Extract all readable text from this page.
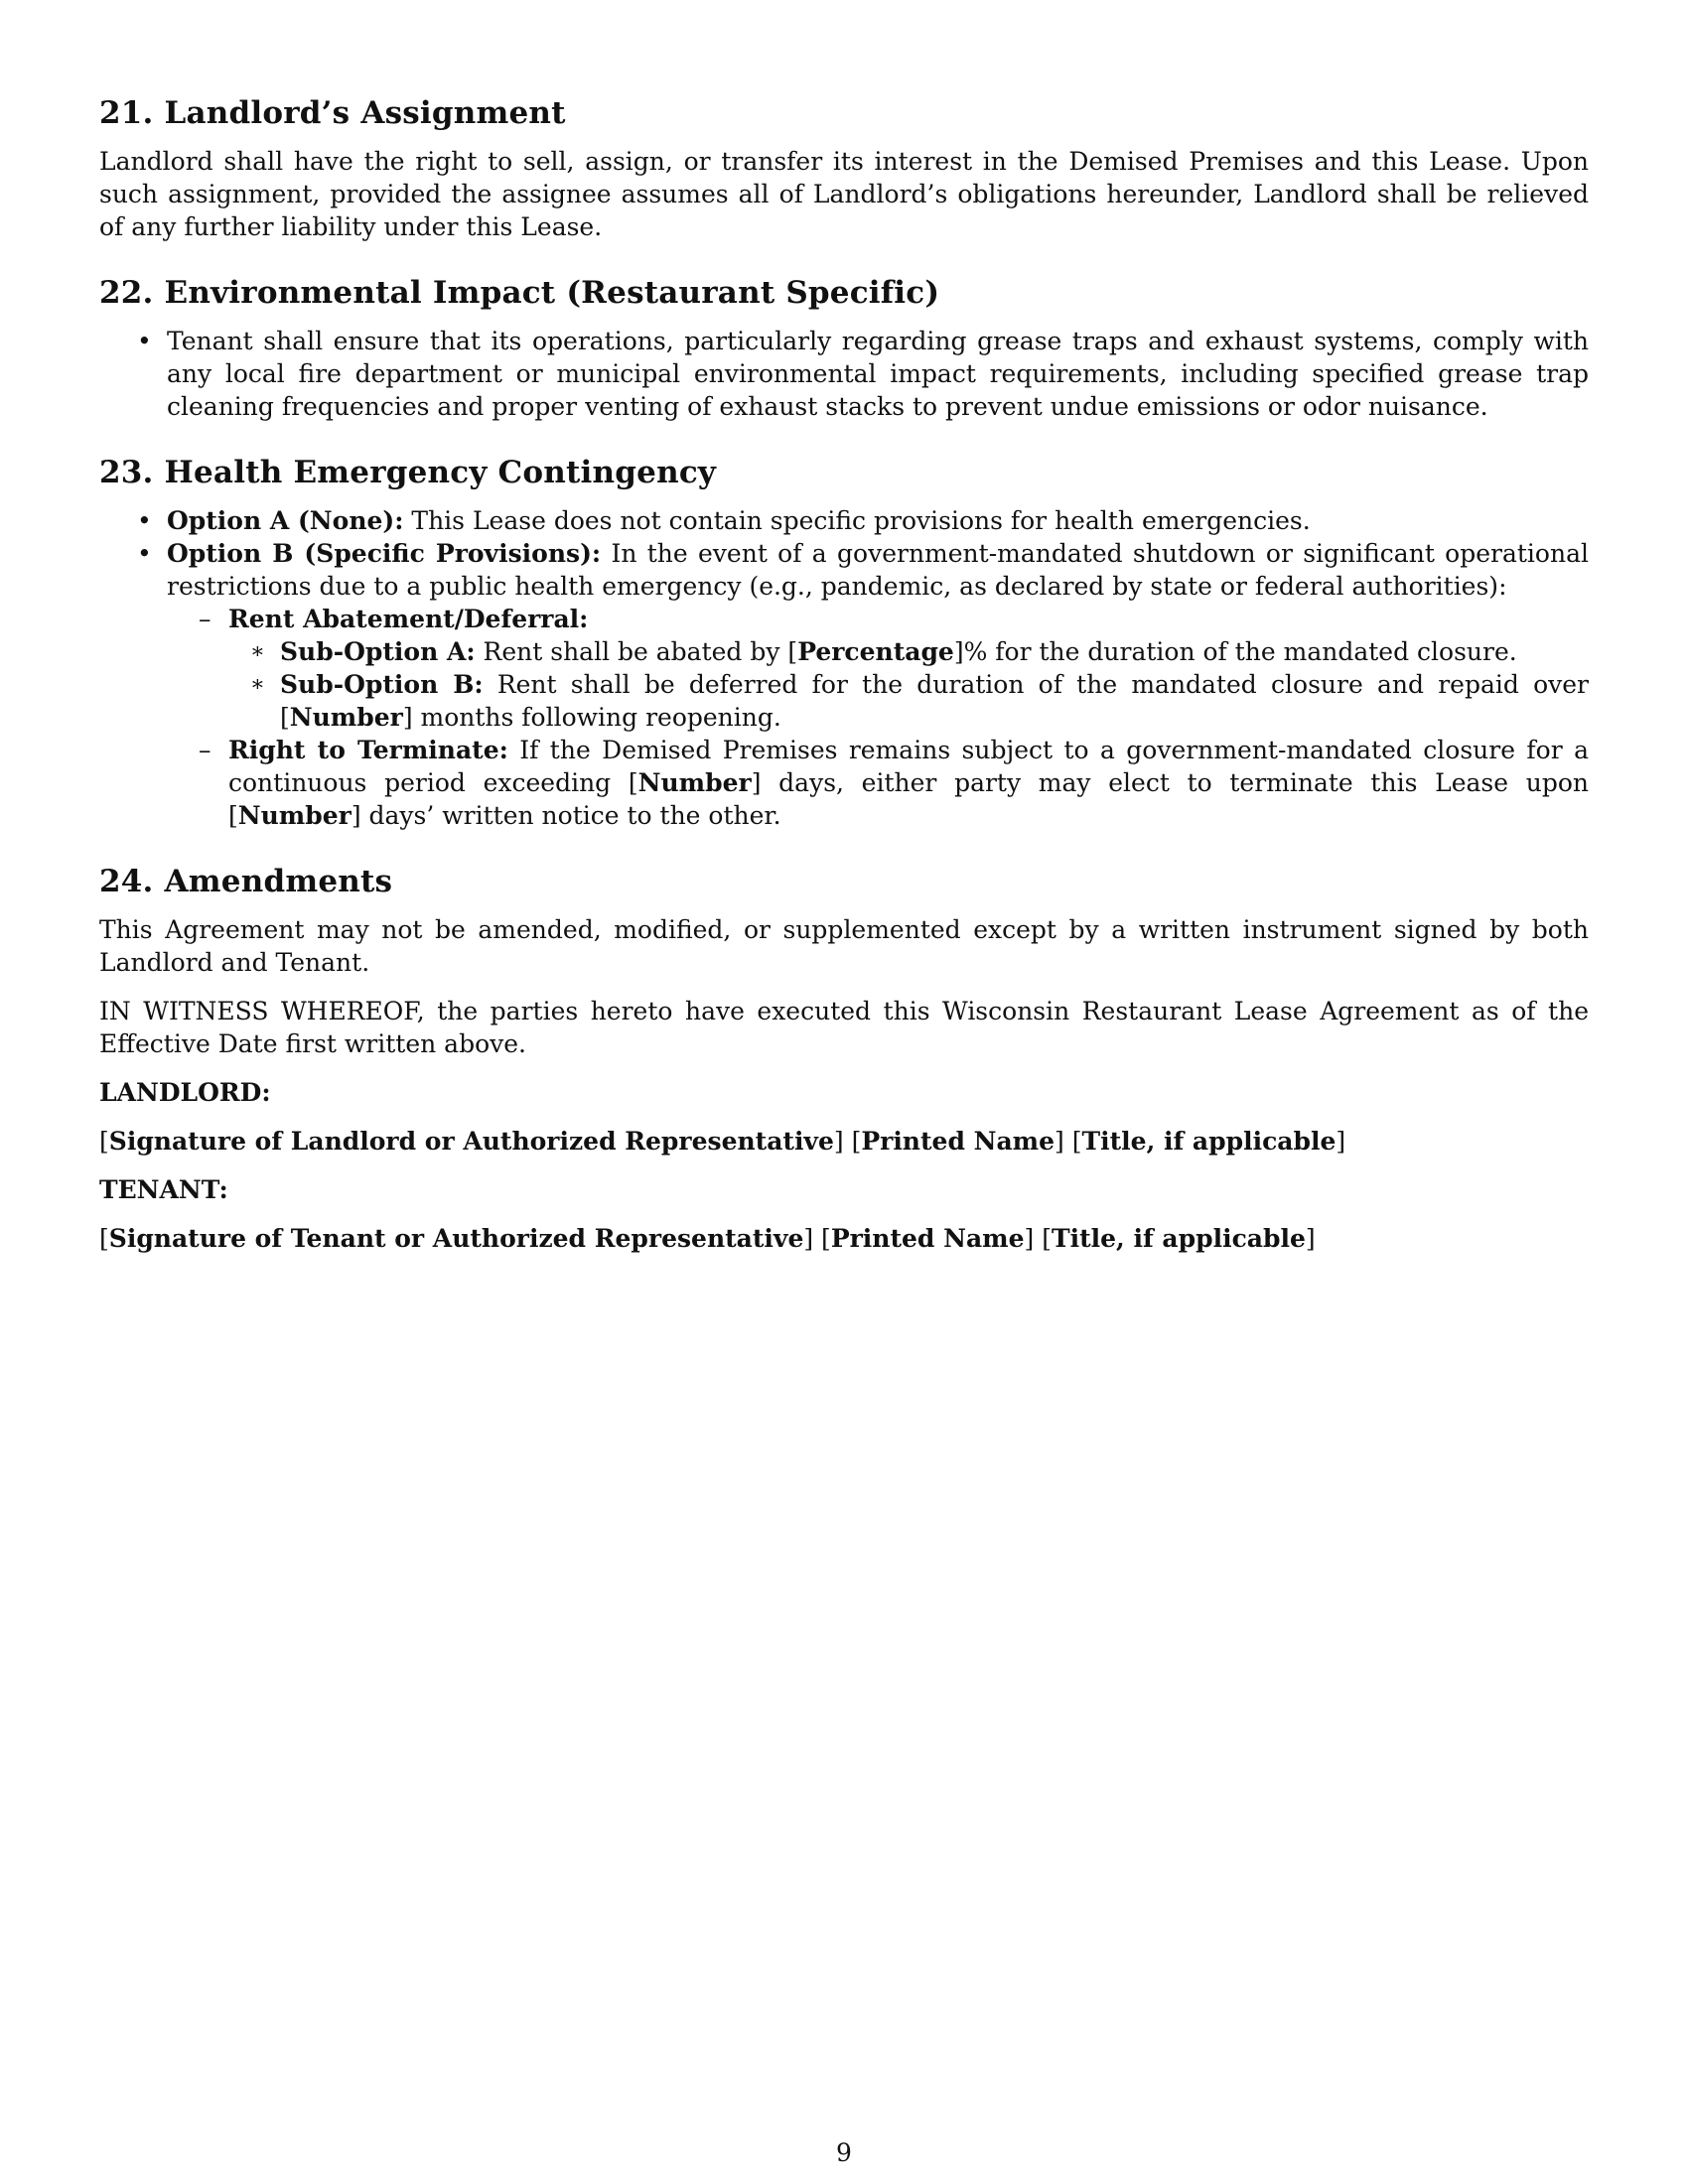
21. Landlord’s Assignment

Landlord shall have the right to sell, assign, or transfer its interest in the Demised Premises and this Lease. Upon such assignment, provided the assignee assumes all of Landlord’s obligations hereunder, Landlord shall be relieved of any further liability under this Lease.

22. Environmental Impact (Restaurant Specific)
• Tenant shall ensure that its operations, particularly regarding grease traps and exhaust systems, comply with any local fire department or municipal environmental impact requirements, including specified grease trap cleaning frequencies and proper venting of exhaust stacks to prevent undue emissions or odor nuisance.
23. Health Emergency Contingency
• Option A (None): This Lease does not contain specific provisions for health emergencies.
• Option B (Specific Provisions): In the event of a government-mandated shutdown or significant operational restrictions due to a public health emergency (e.g., pandemic, as declared by state or federal authorities):
– Rent Abatement/Deferral:
∗ Sub-Option A: Rent shall be abated by [Percentage]% for the duration of the mandated closure.
∗ Sub-Option B: Rent shall be deferred for the duration of the mandated closure and repaid over [Number] months following reopening.
– Right to Terminate: If the Demised Premises remains subject to a government-mandated closure for a continuous period exceeding [Number] days, either party may elect to terminate this Lease upon [Number] days’ written notice to the other.
24. Amendments

This Agreement may not be amended, modified, or supplemented except by a written instrument signed by both Landlord and Tenant.

IN WITNESS WHEREOF, the parties hereto have executed this Wisconsin Restaurant Lease Agreement as of the Effective Date first written above.

LANDLORD:

[Signature of Landlord or Authorized Representative] [Printed Name] [Title, if applicable]

TENANT:

[Signature of Tenant or Authorized Representative] [Printed Name] [Title, if applicable]

9
